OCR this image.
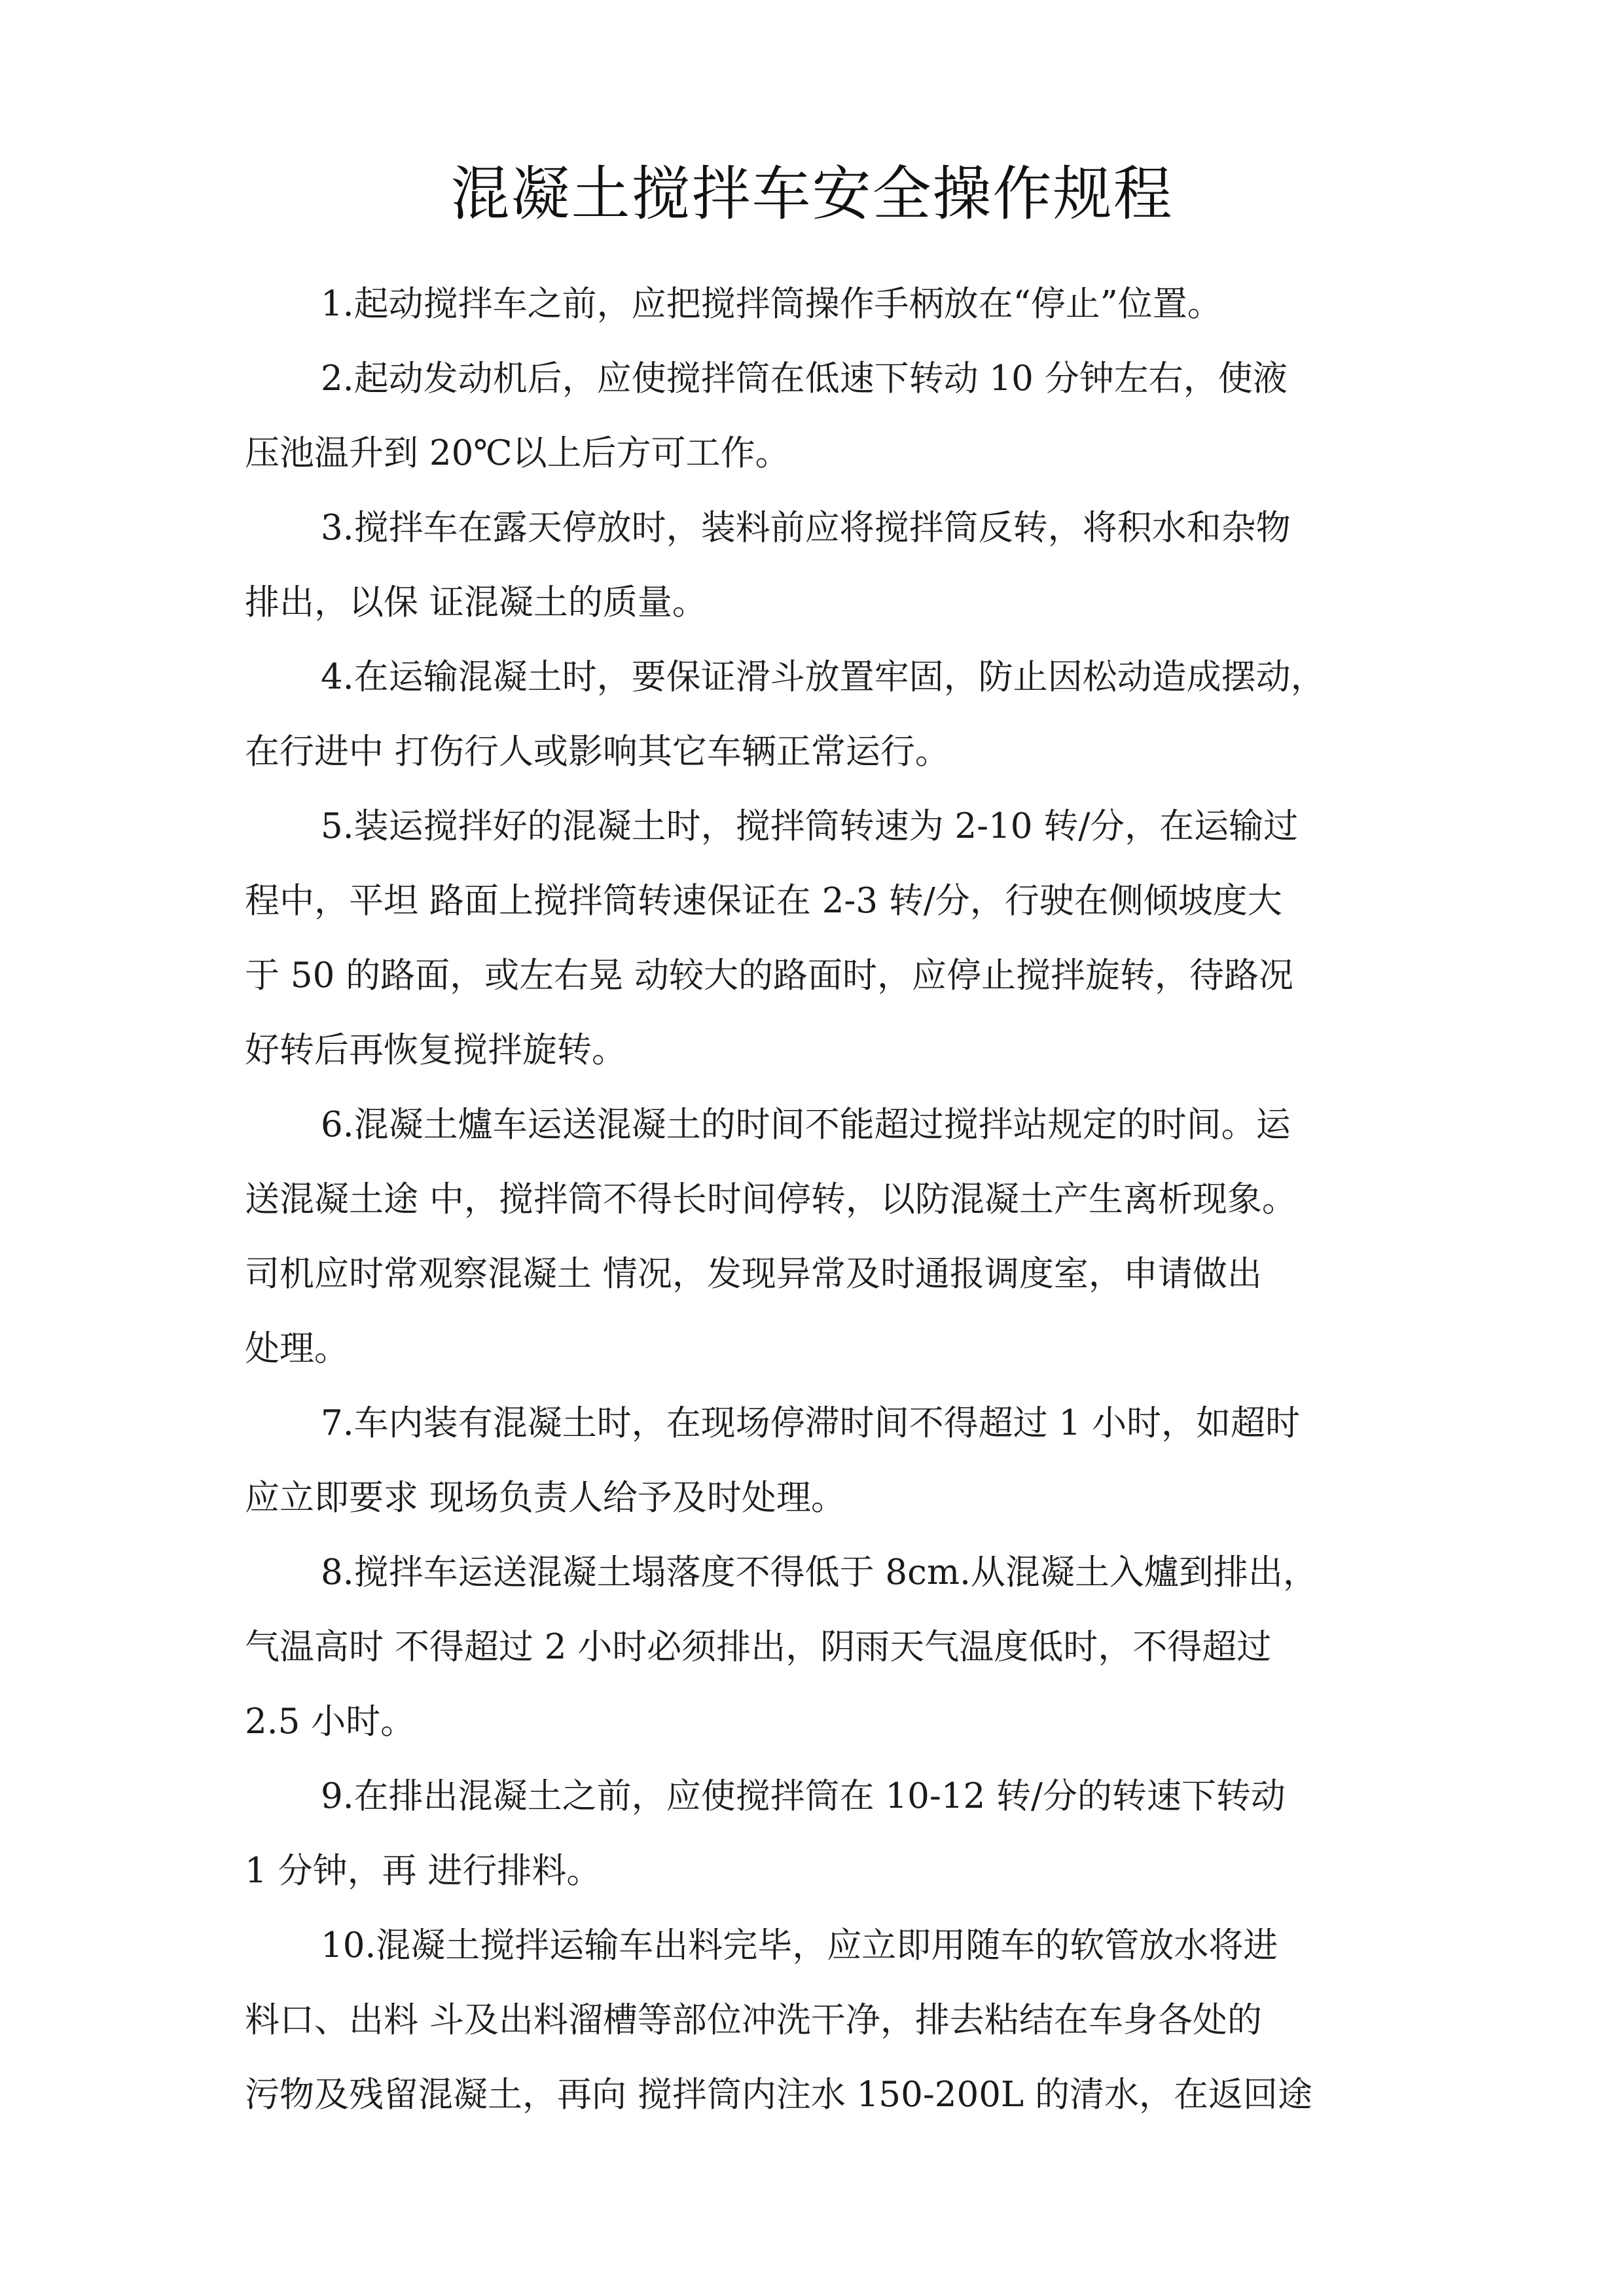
混凝土搅拌车安全操作规程
1.起动搅拌车之前，应把搅拌筒操作手柄放在“停止”位置。
2.起动发动机后，应使搅拌筒在低速下转动 10 分钟左右，使液
压池温升到 20℃以上后方可工作。
3.搅拌车在露天停放时，装料前应将搅拌筒反转，将积水和杂物
排出，以保 证混凝土的质量。
4.在运输混凝土时，要保证滑斗放置牢固，防止因松动造成摆动，
在行进中 打伤行人或影响其它车辆正常运行。
5.装运搅拌好的混凝土时，搅拌筒转速为 2-10 转/分，在运输过
程中，平坦 路面上搅拌筒转速保证在 2-3 转/分，行驶在侧倾坡度大
于 50 的路面，或左右晃 动较大的路面时，应停止搅拌旋转，待路况
好转后再恢复搅拌旋转。
6.混凝土爐车运送混凝土的时间不能超过搅拌站规定的时间。运
送混凝土途 中，搅拌筒不得长时间停转，以防混凝土产生离析现象。
司机应时常观察混凝土 情况，发现异常及时通报调度室，申请做出
处理。
7.车内装有混凝土时，在现场停滞时间不得超过 1 小时，如超时
应立即要求 现场负责人给予及时处理。
8.搅拌车运送混凝土塌落度不得低于 8cm.从混凝土入爐到排出，
气温高时 不得超过 2 小时必须排出，阴雨天气温度低时，不得超过
2.5 小时。
9.在排出混凝土之前，应使搅拌筒在 10-12 转/分的转速下转动
1 分钟，再 进行排料。
10.混凝土搅拌运输车出料完毕，应立即用随车的软管放水将进
料口、出料 斗及出料溜槽等部位冲洗干净，排去粘结在车身各处的
污物及残留混凝土，再向 搅拌筒内注水 150-200L 的清水，在返回途
